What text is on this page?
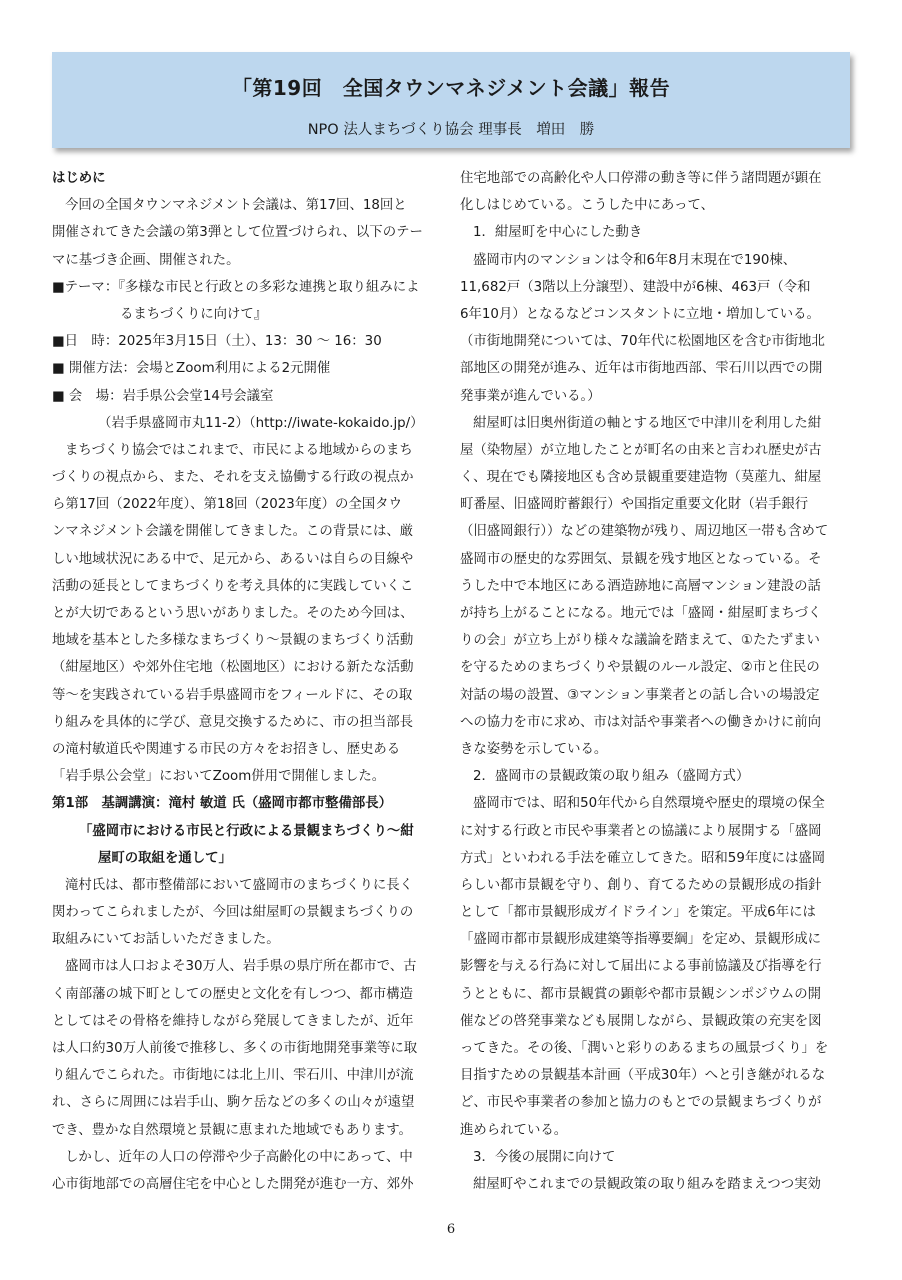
「第19回　全国タウンマネジメント会議」報告
NPO 法人まちづくり協会 理事長　増田　勝
はじめに
今回の全国タウンマネジメント会議は、第17回、18回と
開催されてきた会議の第3弾として位置づけられ、以下のテー
マに基づき企画、開催された。
■テーマ：『多様な市民と行政との多彩な連携と取り組みによ
るまちづくりに向けて』
■日　時：2025年3月15日（土）、13：30 ～ 16：30
■ 開催方法：会場とZoom利用による2元開催
■ 会　場：岩手県公会堂14号会議室
（岩手県盛岡市丸11-2）（http://iwate-kokaido.jp/）
まちづくり協会ではこれまで、市民による地域からのまち
づくりの視点から、また、それを支え協働する行政の視点か
ら第17回（2022年度）、第18回（2023年度）の全国タウ
ンマネジメント会議を開催してきました。この背景には、厳
しい地域状況にある中で、足元から、あるいは自らの目線や
活動の延長としてまちづくりを考え具体的に実践していくこ
とが大切であるという思いがありました。そのため今回は、
地域を基本とした多様なまちづくり～景観のまちづくり活動
（紺屋地区）や郊外住宅地（松園地区）における新たな活動
等～を実践されている岩手県盛岡市をフィールドに、その取
り組みを具体的に学び、意見交換するために、市の担当部長
の滝村敏道氏や関連する市民の方々をお招きし、歴史ある
「岩手県公会堂」においてZoom併用で開催しました。
第1部　基調講演：滝村 敏道 氏（盛岡市都市整備部長）
「盛岡市における市民と行政による景観まちづくり～紺
屋町の取組を通して」
滝村氏は、都市整備部において盛岡市のまちづくりに長く
関わってこられましたが、今回は紺屋町の景観まちづくりの
取組みにいてお話しいただきました。
盛岡市は人口およそ30万人、岩手県の県庁所在都市で、古
く南部藩の城下町としての歴史と文化を有しつつ、都市構造
としてはその骨格を維持しながら発展してきましたが、近年
は人口約30万人前後で推移し、多くの市街地開発事業等に取
り組んでこられた。市街地には北上川、雫石川、中津川が流
れ、さらに周囲には岩手山、駒ケ岳などの多くの山々が遠望
でき、豊かな自然環境と景観に恵まれた地域でもあります。
しかし、近年の人口の停滞や少子高齢化の中にあって、中
心市街地部での高層住宅を中心とした開発が進む一方、郊外
住宅地部での高齢化や人口停滞の動き等に伴う諸問題が顕在
化しはじめている。こうした中にあって、
1．紺屋町を中心にした動き
盛岡市内のマンションは令和6年8月末現在で190棟、
11,682戸（3階以上分譲型）、建設中が6棟、463戸（令和
6年10月）となるなどコンスタントに立地・増加している。
（市街地開発については、70年代に松園地区を含む市街地北
部地区の開発が進み、近年は市街地西部、雫石川以西での開
発事業が進んでいる。）
紺屋町は旧奥州街道の軸とする地区で中津川を利用した紺
屋（染物屋）が立地したことが町名の由来と言われ歴史が古
く、現在でも隣接地区も含め景観重要建造物（茣蓙九、紺屋
町番屋、旧盛岡貯蓄銀行）や国指定重要文化財（岩手銀行
（旧盛岡銀行））などの建築物が残り、周辺地区一帯も含めて
盛岡市の歴史的な雰囲気、景観を残す地区となっている。そ
うした中で本地区にある酒造跡地に高層マンション建設の話
が持ち上がることになる。地元では「盛岡・紺屋町まちづく
りの会」が立ち上がり様々な議論を踏まえて、①たたずまい
を守るためのまちづくりや景観のルール設定、②市と住民の
対話の場の設置、③マンション事業者との話し合いの場設定
への協力を市に求め、市は対話や事業者への働きかけに前向
きな姿勢を示している。
2．盛岡市の景観政策の取り組み（盛岡方式）
盛岡市では、昭和50年代から自然環境や歴史的環境の保全
に対する行政と市民や事業者との協議により展開する「盛岡
方式」といわれる手法を確立してきた。昭和59年度には盛岡
らしい都市景観を守り、創り、育てるための景観形成の指針
として「都市景観形成ガイドライン」を策定。平成6年には
「盛岡市都市景観形成建築等指導要綱」を定め、景観形成に
影響を与える行為に対して届出による事前協議及び指導を行
うとともに、都市景観賞の顕彰や都市景観シンポジウムの開
催などの啓発事業なども展開しながら、景観政策の充実を図
ってきた。その後、「潤いと彩りのあるまちの風景づくり」を
目指すための景観基本計画（平成30年）へと引き継がれるな
ど、市民や事業者の参加と協力のもとでの景観まちづくりが
進められている。
3．今後の展開に向けて
紺屋町やこれまでの景観政策の取り組みを踏まえつつ実効
6
